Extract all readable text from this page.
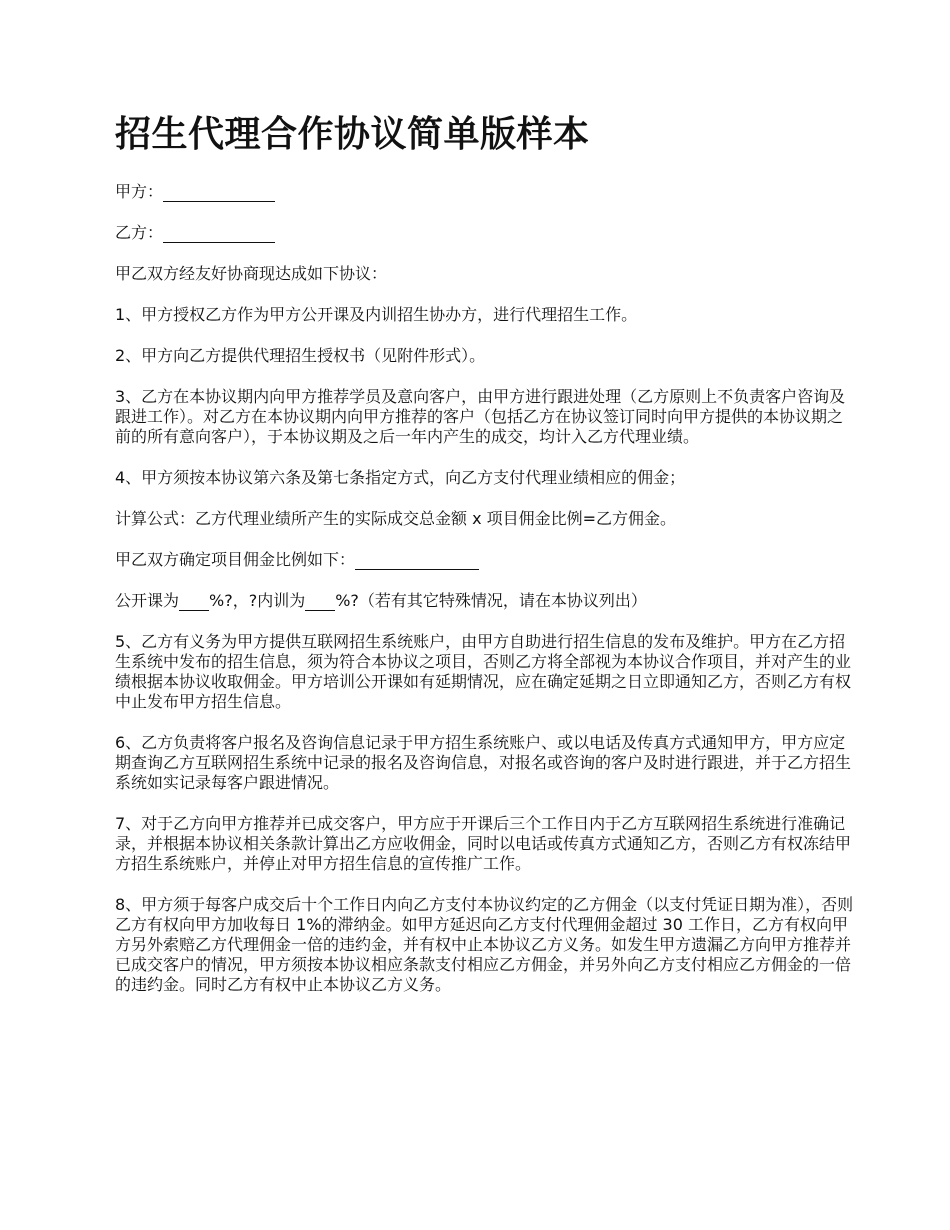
招生代理合作协议简单版样本
甲方：
乙方：

甲乙双方经友好协商现达成如下协议：

1、甲方授权乙方作为甲方公开课及内训招生协办方，进行代理招生工作。

2、甲方向乙方提供代理招生授权书（见附件形式）。

3、乙方在本协议期内向甲方推荐学员及意向客户，由甲方进行跟进处理（乙方原则上不负责客户咨询及跟进工作）。对乙方在本协议期内向甲方推荐的客户（包括乙方在协议签订同时向甲方提供的本协议期之前的所有意向客户），于本协议期及之后一年内产生的成交，均计入乙方代理业绩。

4、甲方须按本协议第六条及第七条指定方式，向乙方支付代理业绩相应的佣金；

计算公式：乙方代理业绩所产生的实际成交总金额 x 项目佣金比例=乙方佣金。

甲乙双方确定项目佣金比例如下：
公开课为 %?，?内训为 %?（若有其它特殊情况，请在本协议列出）

5、乙方有义务为甲方提供互联网招生系统账户，由甲方自助进行招生信息的发布及维护。甲方在乙方招生系统中发布的招生信息，须为符合本协议之项目，否则乙方将全部视为本协议合作项目，并对产生的业绩根据本协议收取佣金。甲方培训公开课如有延期情况，应在确定延期之日立即通知乙方，否则乙方有权中止发布甲方招生信息。

6、乙方负责将客户报名及咨询信息记录于甲方招生系统账户、或以电话及传真方式通知甲方，甲方应定期查询乙方互联网招生系统中记录的报名及咨询信息，对报名或咨询的客户及时进行跟进，并于乙方招生系统如实记录每客户跟进情况。

7、对于乙方向甲方推荐并已成交客户，甲方应于开课后三个工作日内于乙方互联网招生系统进行准确记录，并根据本协议相关条款计算出乙方应收佣金，同时以电话或传真方式通知乙方，否则乙方有权冻结甲方招生系统账户，并停止对甲方招生信息的宣传推广工作。

8、甲方须于每客户成交后十个工作日内向乙方支付本协议约定的乙方佣金（以支付凭证日期为准），否则乙方有权向甲方加收每日 1%的滞纳金。如甲方延迟向乙方支付代理佣金超过 30 工作日，乙方有权向甲方另外索赔乙方代理佣金一倍的违约金，并有权中止本协议乙方义务。如发生甲方遗漏乙方向甲方推荐并已成交客户的情况，甲方须按本协议相应条款支付相应乙方佣金，并另外向乙方支付相应乙方佣金的一倍的违约金。同时乙方有权中止本协议乙方义务。
